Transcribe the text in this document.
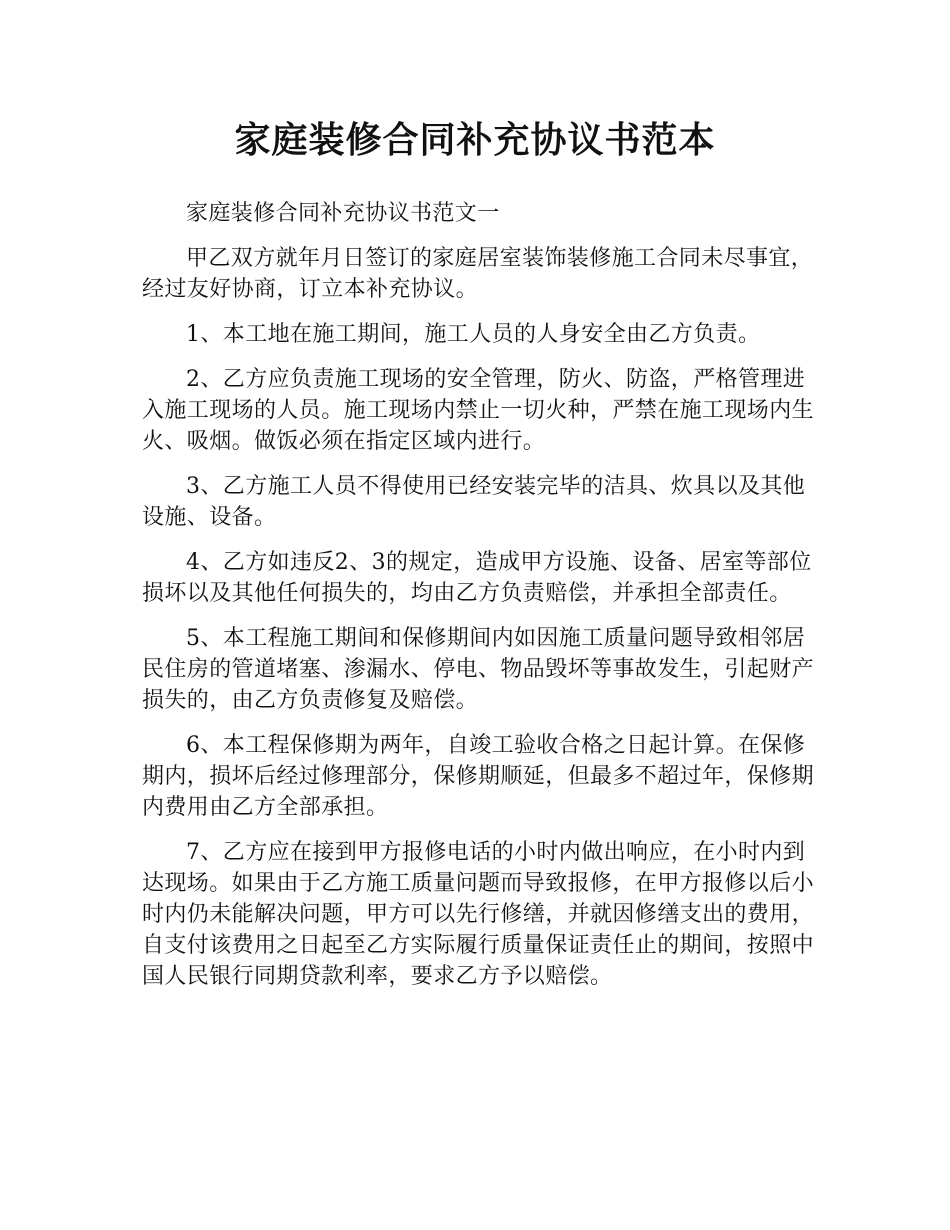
家庭装修合同补充协议书范本

家庭装修合同补充协议书范文一

甲乙双方就年月日签订的家庭居室装饰装修施工合同未尽事宜，经过友好协商，订立本补充协议。

1、本工地在施工期间，施工人员的人身安全由乙方负责。

2、乙方应负责施工现场的安全管理，防火、防盗，严格管理进入施工现场的人员。施工现场内禁止一切火种，严禁在施工现场内生火、吸烟。做饭必须在指定区域内进行。

3、乙方施工人员不得使用已经安装完毕的洁具、炊具以及其他设施、设备。

4、乙方如违反2、3的规定，造成甲方设施、设备、居室等部位损坏以及其他任何损失的，均由乙方负责赔偿，并承担全部责任。

5、本工程施工期间和保修期间内如因施工质量问题导致相邻居民住房的管道堵塞、渗漏水、停电、物品毁坏等事故发生，引起财产损失的，由乙方负责修复及赔偿。

6、本工程保修期为两年，自竣工验收合格之日起计算。在保修期内，损坏后经过修理部分，保修期顺延，但最多不超过年，保修期内费用由乙方全部承担。

7、乙方应在接到甲方报修电话的小时内做出响应，在小时内到达现场。如果由于乙方施工质量问题而导致报修，在甲方报修以后小时内仍未能解决问题，甲方可以先行修缮，并就因修缮支出的费用，自支付该费用之日起至乙方实际履行质量保证责任止的期间，按照中国人民银行同期贷款利率，要求乙方予以赔偿。
